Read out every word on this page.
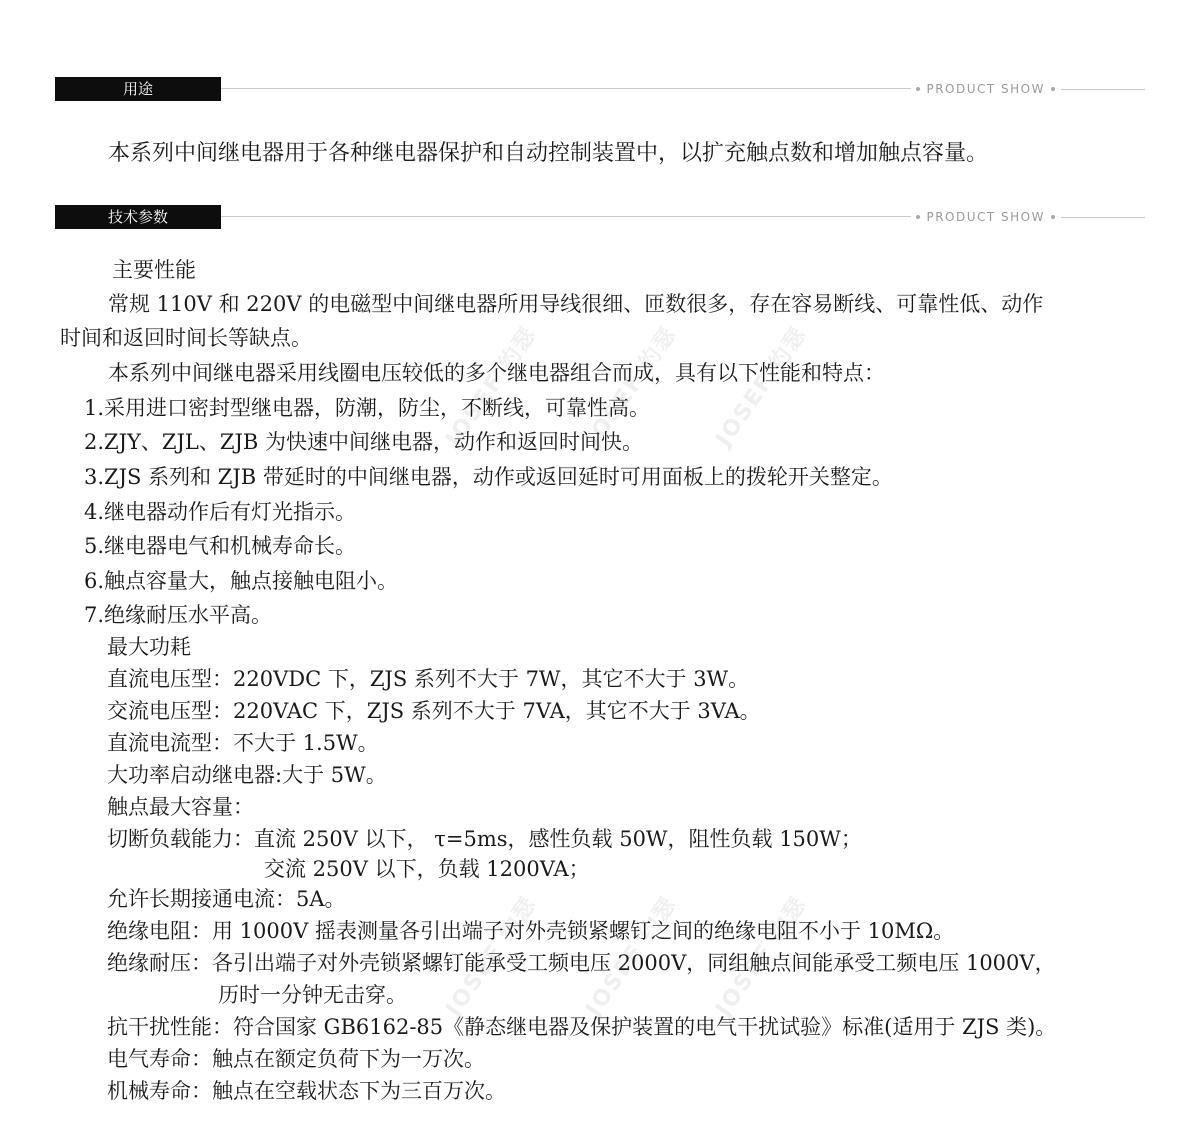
用途	PRODUCT SHOW

本系列中间继电器用于各种继电器保护和自动控制装置中，以扩充触点数和增加触点容量。

技术参数	PRODUCT SHOW
JOSEF 约瑟 JOSEF 约瑟 JOSEF 约瑟
JOSEF 约瑟 JOSEF 约瑟 JOSEF 约瑟

主要性能

常规 110V 和 220V 的电磁型中间继电器所用导线很细、匝数很多，存在容易断线、可靠性低、动作

时间和返回时间长等缺点。

本系列中间继电器采用线圈电压较低的多个继电器组合而成，具有以下性能和特点：

1.采用进口密封型继电器，防潮，防尘，不断线，可靠性高。

2.ZJY、ZJL、ZJB 为快速中间继电器，动作和返回时间快。

3.ZJS 系列和 ZJB 带延时的中间继电器，动作或返回延时可用面板上的拨轮开关整定。

4.继电器动作后有灯光指示。

5.继电器电气和机械寿命长。

6.触点容量大，触点接触电阻小。

7.绝缘耐压水平高。

最大功耗

直流电压型：220VDC 下，ZJS 系列不大于 7W，其它不大于 3W。

交流电压型：220VAC 下，ZJS 系列不大于 7VA，其它不大于 3VA。

直流电流型：不大于 1.5W。

大功率启动继电器:大于 5W。

触点最大容量：

切断负载能力：直流 250V 以下， τ=5ms，感性负载 50W，阻性负载 150W；

交流 250V 以下，负载 1200VA；

允许长期接通电流：5A。

绝缘电阻：用 1000V 摇表测量各引出端子对外壳锁紧螺钉之间的绝缘电阻不小于 10MΩ。

绝缘耐压：各引出端子对外壳锁紧螺钉能承受工频电压 2000V，同组触点间能承受工频电压 1000V，

历时一分钟无击穿。

抗干扰性能：符合国家 GB6162-85《静态继电器及保护装置的电气干扰试验》标准(适用于 ZJS 类)。

电气寿命：触点在额定负荷下为一万次。

机械寿命：触点在空载状态下为三百万次。
